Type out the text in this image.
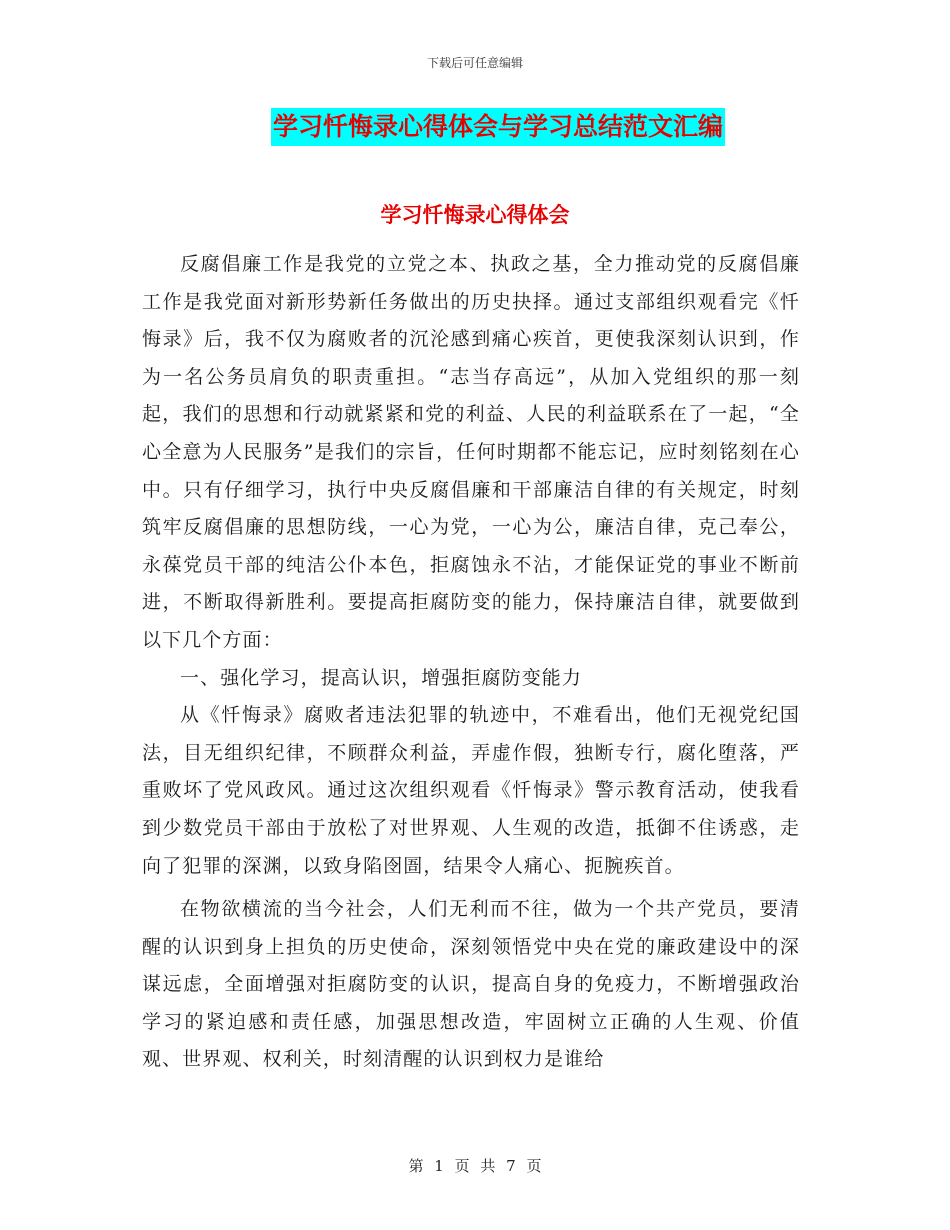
下载后可任意编辑
学习忏悔录心得体会与学习总结范文汇编
学习忏悔录心得体会

反腐倡廉工作是我党的立党之本、执政之基，全力推动党的反腐倡廉工作是我党面对新形势新任务做出的历史抉择。通过支部组织观看完《忏悔录》后，我不仅为腐败者的沉沦感到痛心疾首，更使我深刻认识到，作为一名公务员肩负的职责重担。“志当存高远”，从加入党组织的那一刻起，我们的思想和行动就紧紧和党的利益、人民的利益联系在了一起，“全心全意为人民服务”是我们的宗旨，任何时期都不能忘记，应时刻铭刻在心中。只有仔细学习，执行中央反腐倡廉和干部廉洁自律的有关规定，时刻筑牢反腐倡廉的思想防线，一心为党，一心为公，廉洁自律，克己奉公，永葆党员干部的纯洁公仆本色，拒腐蚀永不沾，才能保证党的事业不断前进，不断取得新胜利。要提高拒腐防变的能力，保持廉洁自律，就要做到以下几个方面：

一、强化学习，提高认识，增强拒腐防变能力

从《忏悔录》腐败者违法犯罪的轨迹中，不难看出，他们无视党纪国法，目无组织纪律，不顾群众利益，弄虚作假，独断专行，腐化堕落，严重败坏了党风政风。通过这次组织观看《忏悔录》警示教育活动，使我看到少数党员干部由于放松了对世界观、人生观的改造，抵御不住诱惑，走向了犯罪的深渊，以致身陷囹圄，结果令人痛心、扼腕疾首。

在物欲横流的当今社会，人们无利而不往，做为一个共产党员，要清醒的认识到身上担负的历史使命，深刻领悟党中央在党的廉政建设中的深谋远虑，全面增强对拒腐防变的认识，提高自身的免疫力，不断增强政治学习的紧迫感和责任感，加强思想改造，牢固树立正确的人生观、价值观、世界观、权利关，时刻清醒的认识到权力是谁给

第 1 页 共 7 页
